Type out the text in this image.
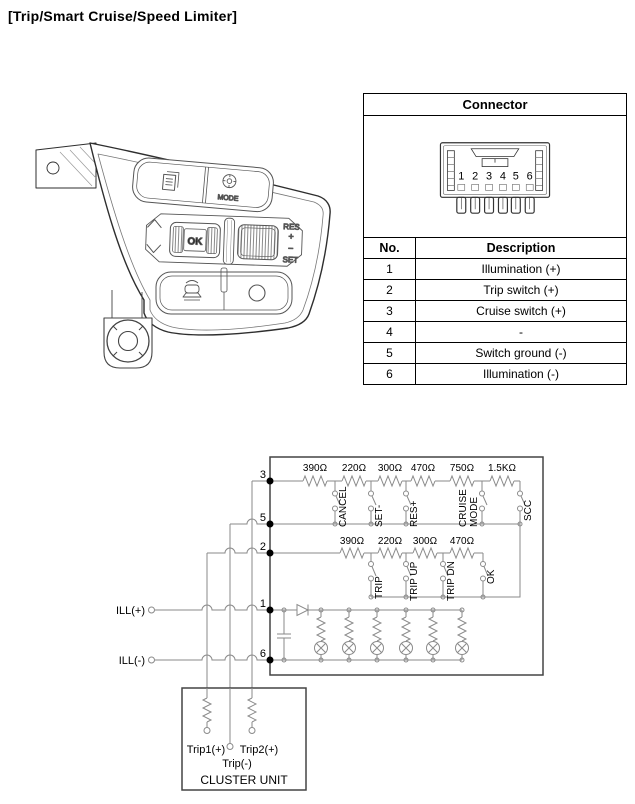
[Trip/Smart Cruise/Speed Limiter]
MODE
OK
RES
+
−
SET
Connector
1 2 3 4 5 6
No.	Description
1	Illumination (+)
2	Trip switch (+)
3	Cruise switch (+)
4	-
5	Switch ground (-)
6	Illumination (-)
3
5
2
1
6
390Ω 220Ω 300Ω 470Ω 750Ω 1.5KΩ
CANCEL	SET- RES+	CRUISE MODE	SCC
390Ω 220Ω 300Ω 470Ω
TRIP TRIP UP	TRIP DN	OK
ILL(+)
ILL(-)
Trip1(+) Trip2(+)
Trip(-)
CLUSTER UNIT
